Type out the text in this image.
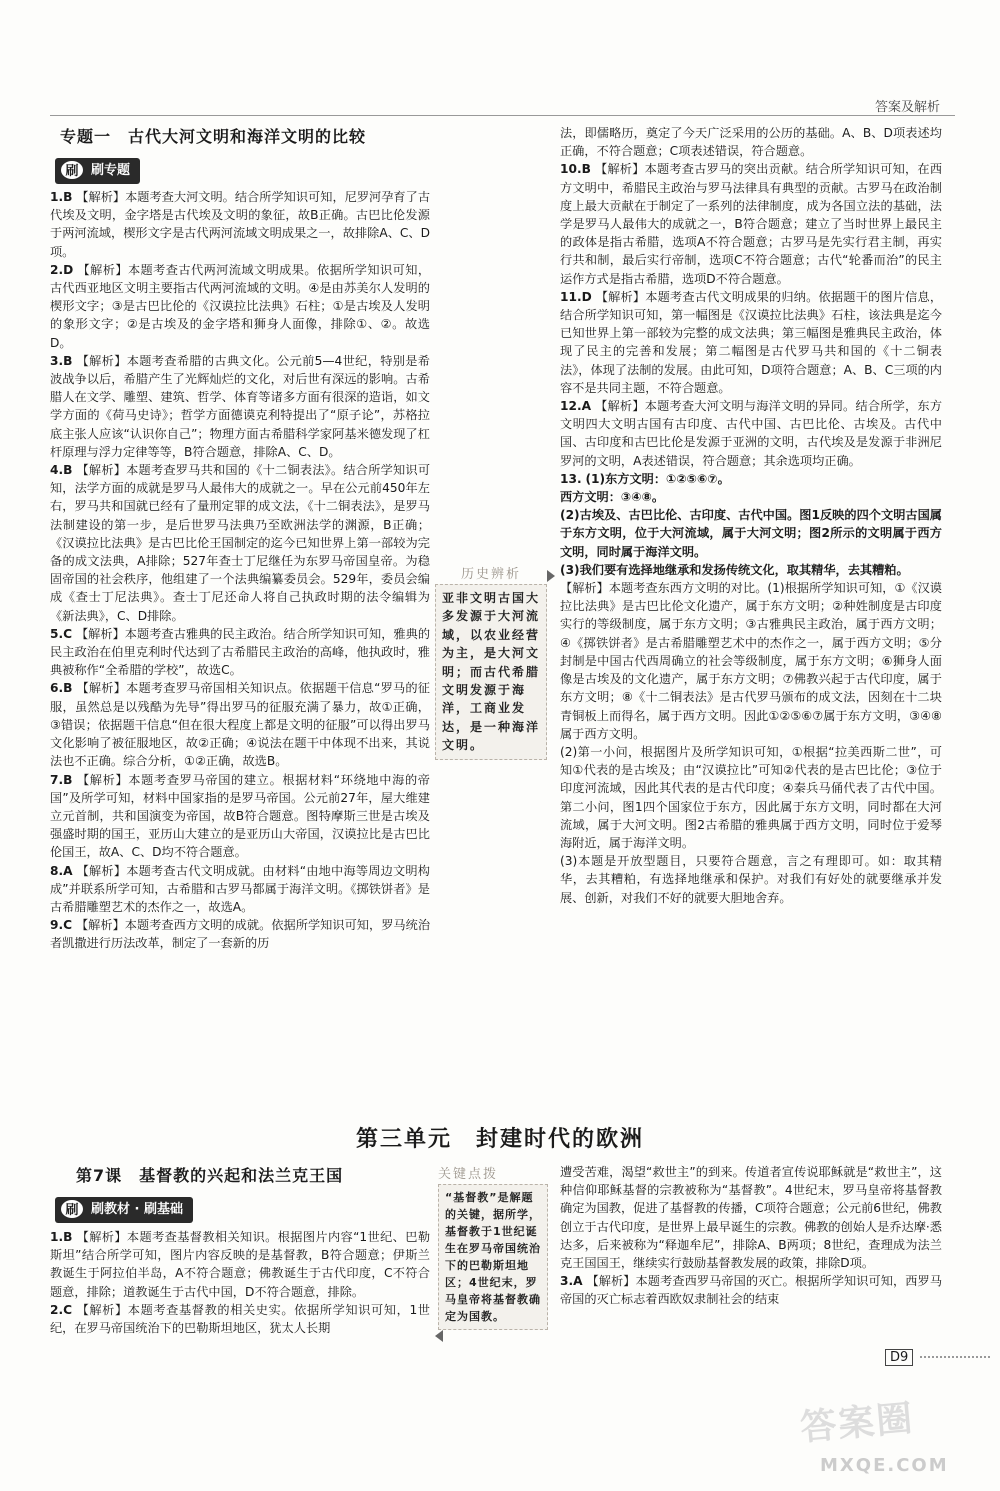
答案及解析
专题一　古代大河文明和海洋文明的比较
刷 刷专题
1.B 【解析】本题考查大河文明。结合所学知识可知，尼罗河孕育了古代埃及文明，金字塔是古代埃及文明的象征，故B正确。古巴比伦发源于两河流域，楔形文字是古代两河流域文明成果之一，故排除A、C、D项。
2.D 【解析】本题考查古代两河流域文明成果。依据所学知识可知，古代西亚地区文明主要指古代两河流域的文明。④是由苏美尔人发明的楔形文字；③是古巴比伦的《汉谟拉比法典》石柱；①是古埃及人发明的象形文字；②是古埃及的金字塔和狮身人面像，排除①、②。故选D。
3.B 【解析】本题考查希腊的古典文化。公元前5—4世纪，特别是希波战争以后，希腊产生了光辉灿烂的文化，对后世有深远的影响。古希腊人在文学、雕塑、建筑、哲学、体育等诸多方面有很深的造诣，如文学方面的《荷马史诗》；哲学方面德谟克利特提出了“原子论”，苏格拉底主张人应该“认识你自己”；物理方面古希腊科学家阿基米德发现了杠杆原理与浮力定律等等，B符合题意，排除A、C、D。
4.B 【解析】本题考查罗马共和国的《十二铜表法》。结合所学知识可知，法学方面的成就是罗马人最伟大的成就之一。早在公元前450年左右，罗马共和国就已经有了量刑定罪的成文法，《十二铜表法》，是罗马法制建设的第一步，是后世罗马法典乃至欧洲法学的渊源，B正确；《汉谟拉比法典》是古巴比伦王国制定的迄今已知世界上第一部较为完备的成文法典，A排除；527年查士丁尼继任为东罗马帝国皇帝。为稳固帝国的社会秩序，他组建了一个法典编纂委员会。529年，委员会编成《查士丁尼法典》。查士丁尼还命人将自己执政时期的法令编辑为《新法典》，C、D排除。
5.C 【解析】本题考查古雅典的民主政治。结合所学知识可知，雅典的民主政治在伯里克利时代达到了古希腊民主政治的高峰，他执政时，雅典被称作“全希腊的学校”，故选C。
6.B 【解析】本题考查罗马帝国相关知识点。依据题干信息“罗马的征服，虽然总是以残酷为先导”得出罗马的征服充满了暴力，故①正确，③错误；依据题干信息“但在很大程度上都是文明的征服”可以得出罗马文化影响了被征服地区，故②正确；④说法在题干中体现不出来，其说法也不正确。综合分析，①②正确，故选B。
7.B 【解析】本题考查罗马帝国的建立。根据材料“环绕地中海的帝国”及所学可知，材料中国家指的是罗马帝国。公元前27年，屋大维建立元首制，共和国演变为帝国，故B符合题意。图特摩斯三世是古埃及强盛时期的国王，亚历山大建立的是亚历山大帝国，汉谟拉比是古巴比伦国王，故A、C、D均不符合题意。
8.A 【解析】本题考查古代文明成就。由材料“由地中海等周边文明构成”并联系所学可知，古希腊和古罗马都属于海洋文明。《掷铁饼者》是古希腊雕塑艺术的杰作之一，故选A。
9.C 【解析】本题考查西方文明的成就。依据所学知识可知，罗马统治者凯撒进行历法改革，制定了一套新的历
历史辨析
亚非文明古国大多发源于大河流域，以农业经营为主，是大河文明；而古代希腊文明发源于海洋，工商业发达，是一种海洋文明。
法，即儒略历，奠定了今天广泛采用的公历的基础。A、B、D项表述均正确，不符合题意；C项表述错误，符合题意。
10.B 【解析】本题考查古罗马的突出贡献。结合所学知识可知，在西方文明中，希腊民主政治与罗马法律具有典型的贡献。古罗马在政治制度上最大贡献在于制定了一系列的法律制度，成为各国立法的基础，法学是罗马人最伟大的成就之一，B符合题意；建立了当时世界上最民主的政体是指古希腊，选项A不符合题意；古罗马是先实行君主制，再实行共和制，最后实行帝制，选项C不符合题意；古代“轮番而治”的民主运作方式是指古希腊，选项D不符合题意。
11.D 【解析】本题考查古代文明成果的归纳。依据题干的图片信息，结合所学知识可知，第一幅图是《汉谟拉比法典》石柱，该法典是迄今已知世界上第一部较为完整的成文法典；第三幅图是雅典民主政治，体现了民主的完善和发展；第二幅图是古代罗马共和国的《十二铜表法》，体现了法制的发展。由此可知，D项符合题意；A、B、C三项的内容不是共同主题，不符合题意。
12.A 【解析】本题考查大河文明与海洋文明的异同。结合所学，东方文明四大文明古国有古印度、古代中国、古巴比伦、古埃及。古代中国、古印度和古巴比伦是发源于亚洲的文明，古代埃及是发源于非洲尼罗河的文明，A表述错误，符合题意；其余选项均正确。
13. (1)东方文明：①②⑤⑥⑦。
西方文明：③④⑧。
(2)古埃及、古巴比伦、古印度、古代中国。图1反映的四个文明古国属于东方文明，位于大河流域，属于大河文明；图2所示的文明属于西方文明，同时属于海洋文明。
(3)我们要有选择地继承和发扬传统文化，取其精华，去其糟粕。
【解析】本题考查东西方文明的对比。(1)根据所学知识可知，①《汉谟拉比法典》是古巴比伦文化遗产，属于东方文明；②种姓制度是古印度实行的等级制度，属于东方文明；③古雅典民主政治，属于西方文明；④《掷铁饼者》是古希腊雕塑艺术中的杰作之一，属于西方文明；⑤分封制是中国古代西周确立的社会等级制度，属于东方文明；⑥狮身人面像是古埃及的文化遗产，属于东方文明；⑦佛教兴起于古代印度，属于东方文明；⑧《十二铜表法》是古代罗马颁布的成文法，因刻在十二块青铜板上而得名，属于西方文明。因此①②⑤⑥⑦属于东方文明，③④⑧属于西方文明。
(2)第一小问，根据图片及所学知识可知，①根据“拉美西斯二世”，可知①代表的是古埃及；由“汉谟拉比”可知②代表的是古巴比伦；③位于印度河流域，因此其代表的是古代印度；④秦兵马俑代表了古代中国。第二小问，图1四个国家位于东方，因此属于东方文明，同时都在大河流域，属于大河文明。图2古希腊的雅典属于西方文明，同时位于爱琴海附近，属于海洋文明。
(3)本题是开放型题目，只要符合题意，言之有理即可。如：取其精华，去其糟粕，有选择地继承和保护。对我们有好处的就要继承并发展、创新，对我们不好的就要大胆地舍弃。
第三单元　封建时代的欧洲
第7课　基督教的兴起和法兰克王国
刷 刷教材 · 刷基础
1.B 【解析】本题考查基督教相关知识。根据图片内容“1世纪、巴勒斯坦”结合所学可知，图片内容反映的是基督教，B符合题意；伊斯兰教诞生于阿拉伯半岛，A不符合题意；佛教诞生于古代印度，C不符合题意，排除；道教诞生于古代中国，D不符合题意，排除。
2.C 【解析】本题考查基督教的相关史实。依据所学知识可知，1世纪，在罗马帝国统治下的巴勒斯坦地区，犹太人长期
关键点拨
“基督教”是解题的关键，据所学，基督教于1世纪诞生在罗马帝国统治下的巴勒斯坦地区；4世纪末，罗马皇帝将基督教确定为国教。
遭受苦难，渴望“救世主”的到来。传道者宣传说耶稣就是“救世主”，这种信仰耶稣基督的宗教被称为“基督教”。4世纪末，罗马皇帝将基督教确定为国教，促进了基督教的传播，C项符合题意；公元前6世纪，佛教创立于古代印度，是世界上最早诞生的宗教。佛教的创始人是乔达摩·悉达多，后来被称为“释迦牟尼”，排除A、B两项；8世纪，查理成为法兰克王国国王，继续实行鼓励基督教发展的政策，排除D项。
3.A 【解析】本题考查西罗马帝国的灭亡。根据所学知识可知，西罗马帝国的灭亡标志着西欧奴隶制社会的结束
D9
答案圈
MXQE.COM
